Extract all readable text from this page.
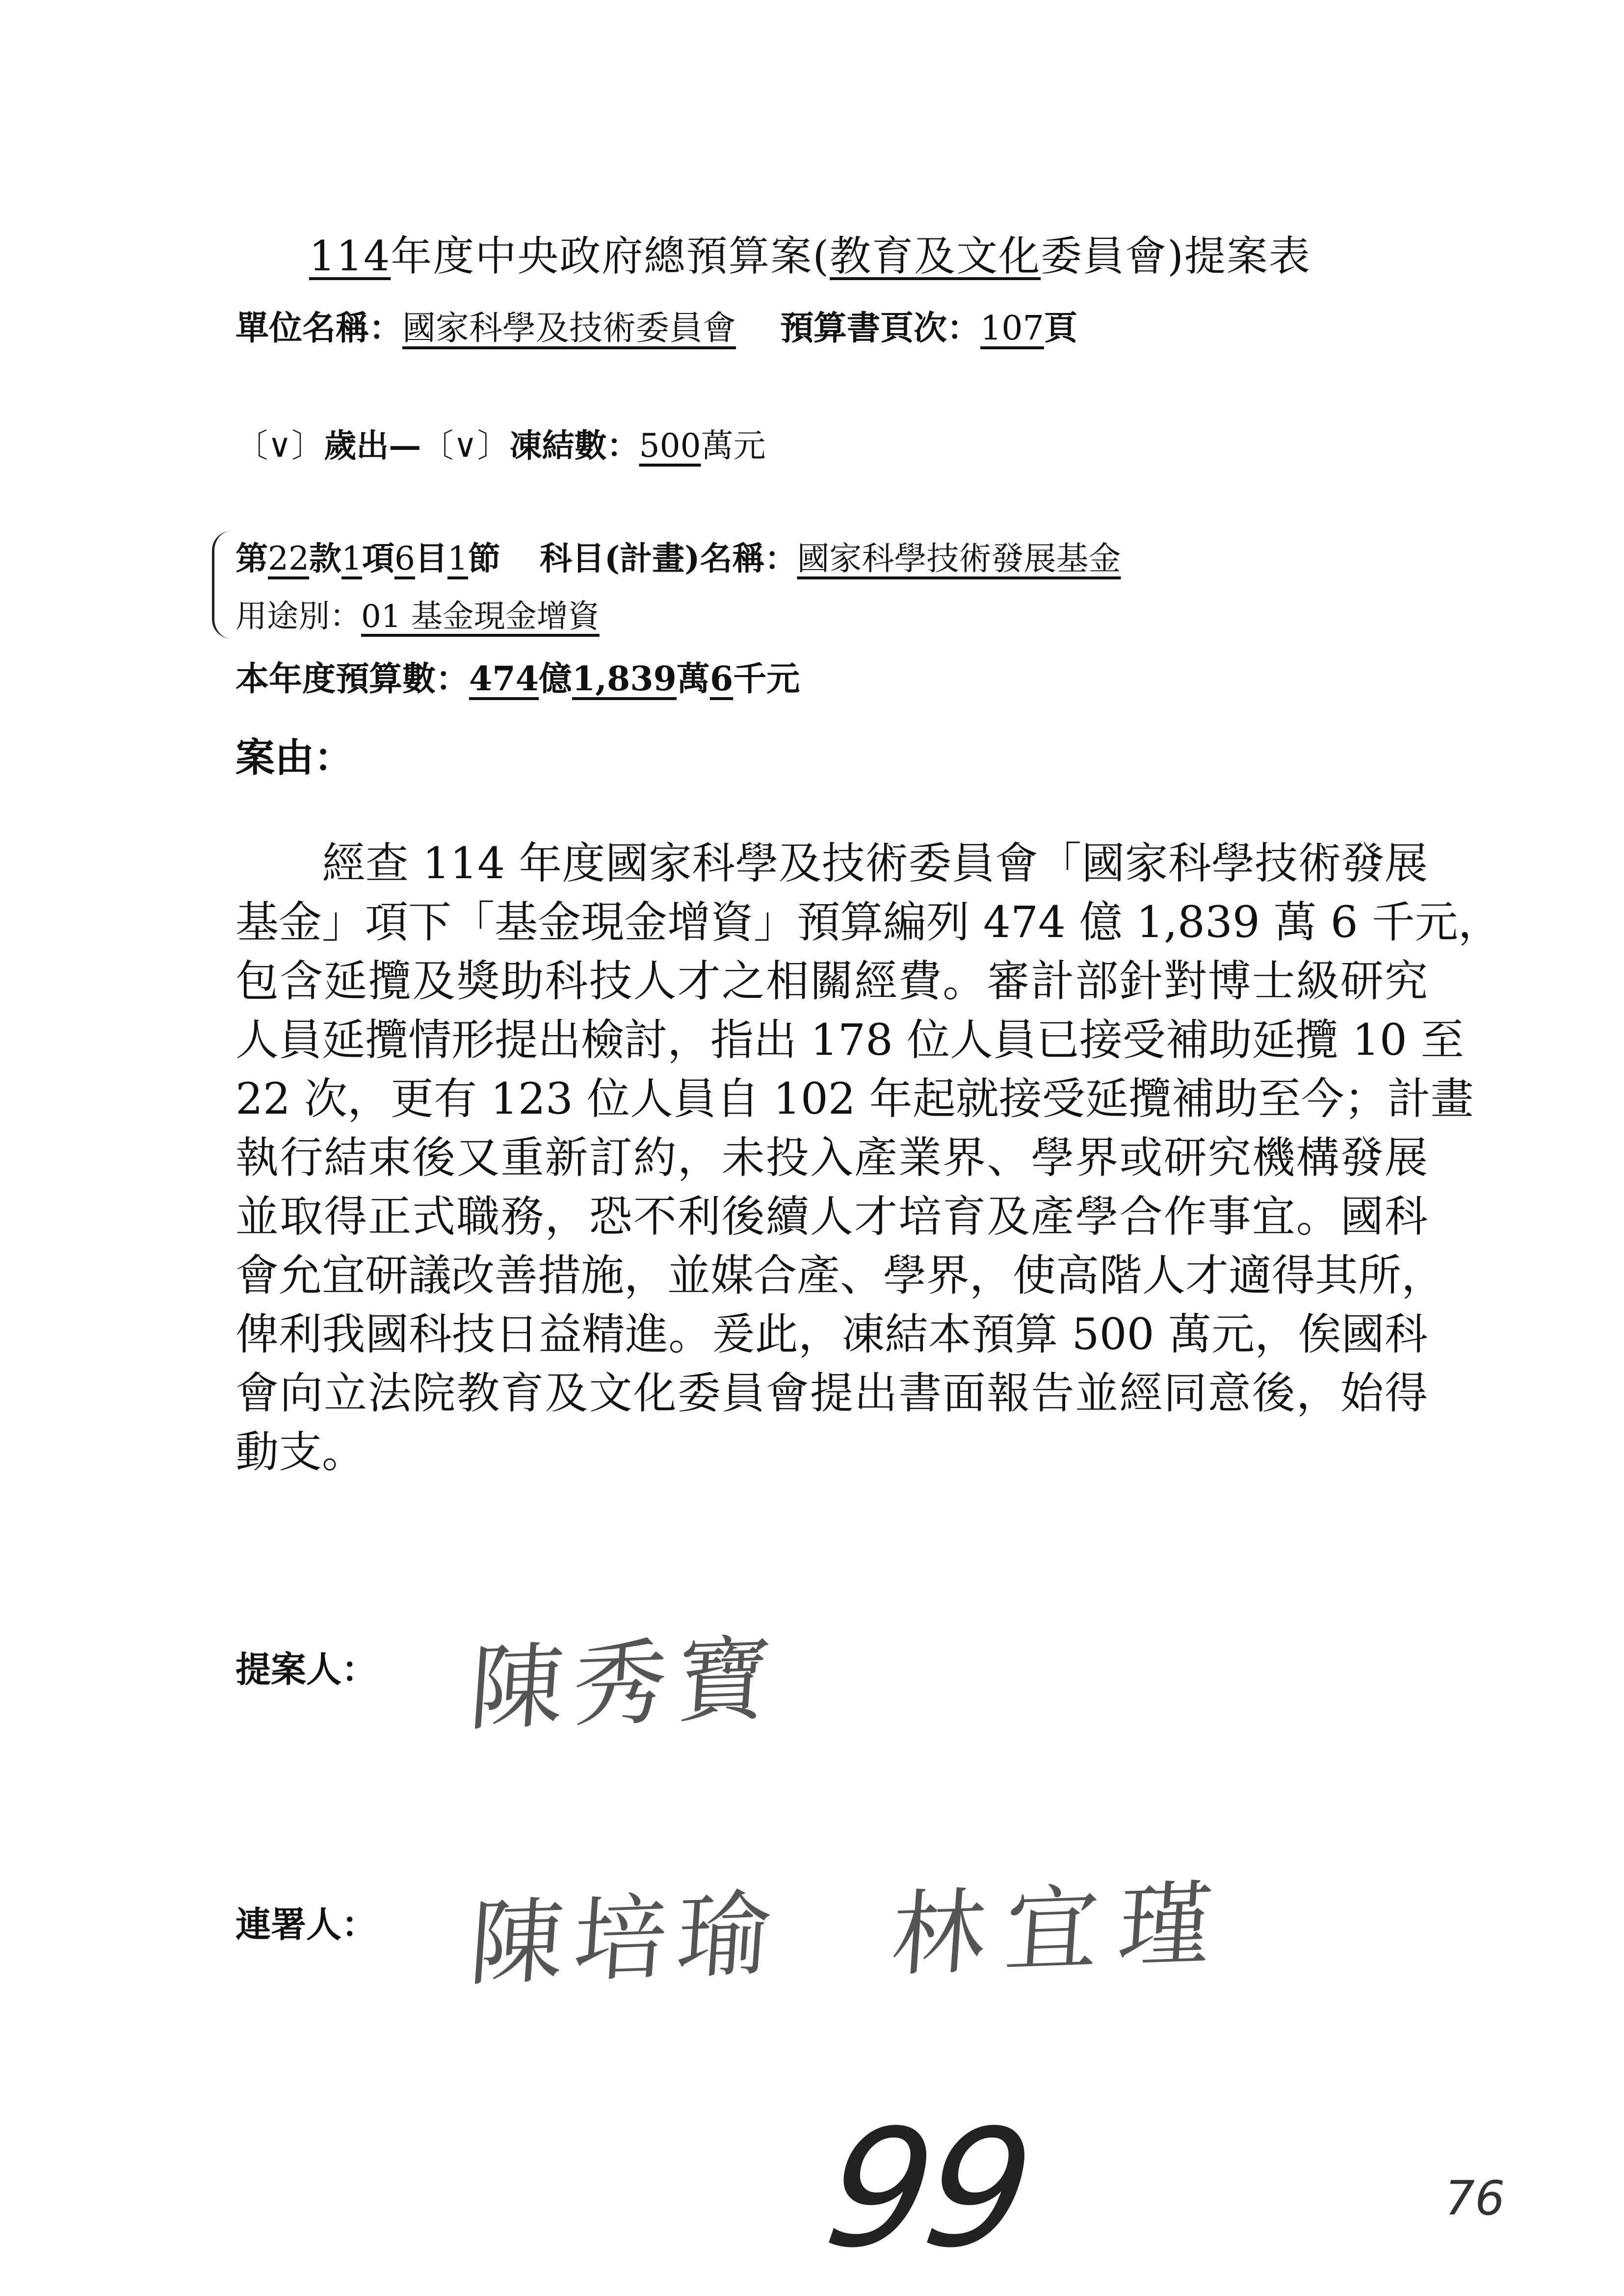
114年度中央政府總預算案(教育及文化委員會)提案表
單位名稱：國家科學及技術委員會 預算書頁次：107頁
〔∨〕歲出—〔∨〕凍結數：500萬元
第22款1項6目1節 科目(計畫)名稱：國家科學技術發展基金
用途別：01 基金現金增資
本年度預算數：474億1,839萬6千元
案由：
　　經查 114 年度國家科學及技術委員會「國家科學技術發展
基金」項下「基金現金增資」預算編列 474 億 1,839 萬 6 千元，
包含延攬及獎助科技人才之相關經費。審計部針對博士級研究
人員延攬情形提出檢討，指出 178 位人員已接受補助延攬 10 至
22 次，更有 123 位人員自 102 年起就接受延攬補助至今；計畫
執行結束後又重新訂約，未投入產業界、學界或研究機構發展
並取得正式職務，恐不利後續人才培育及產學合作事宜。國科
會允宜研議改善措施，並媒合產、學界，使高階人才適得其所，
俾利我國科技日益精進。爰此，凍結本預算 500 萬元，俟國科
會向立法院教育及文化委員會提出書面報告並經同意後，始得
動支。
提案人： 陳秀寶
連署人： 陳培瑜 林宜瑾
99	76
